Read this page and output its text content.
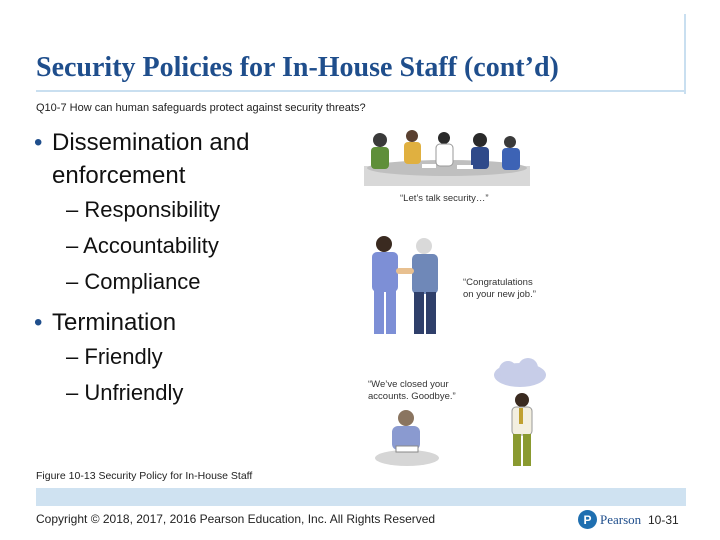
Security Policies for In-House Staff (cont’d)
Q10-7 How can human safeguards protect against security threats?
• Dissemination and enforcement
– Responsibility
– Accountability
– Compliance
• Termination
– Friendly
– Unfriendly
“Let’s talk security…”
“Congratulations
on your new job.”
“We’ve closed your
accounts. Goodbye.”
Figure 10-13 Security Policy for In-House Staff
Copyright © 2018, 2017, 2016 Pearson Education, Inc. All Rights Reserved	P Pearson 10-31
